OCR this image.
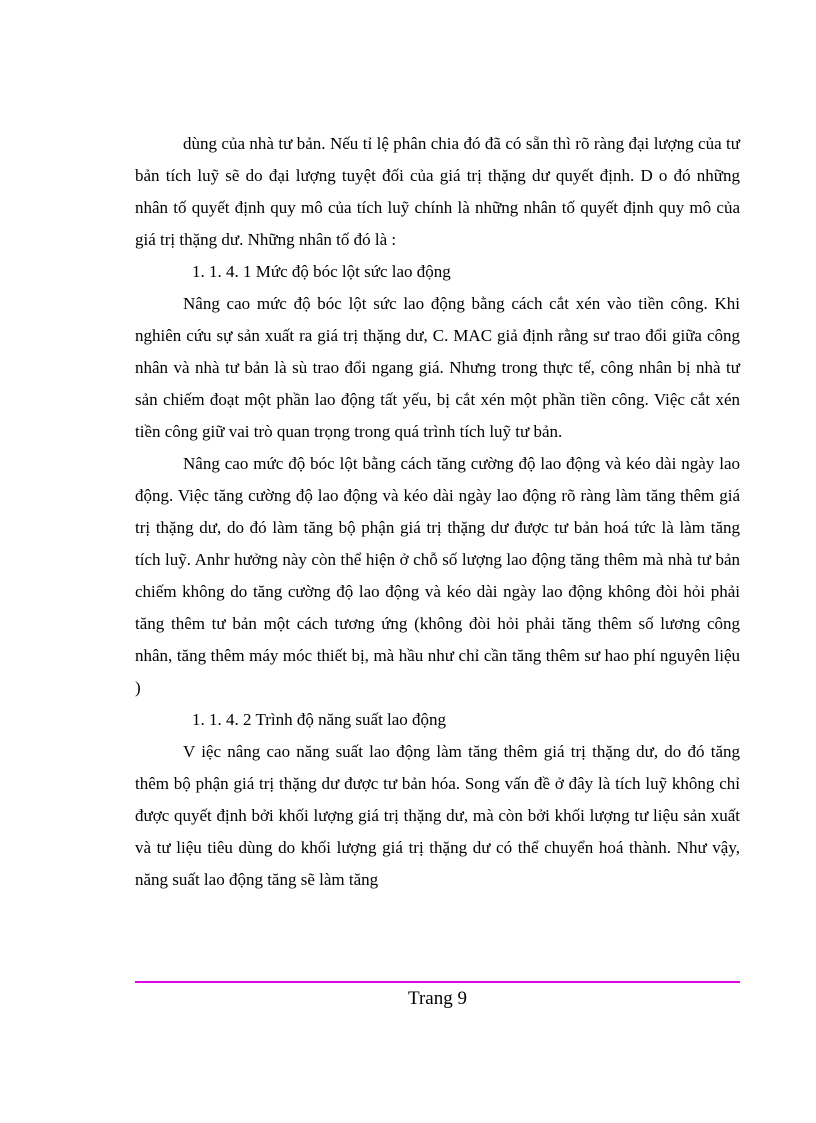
dùng của nhà tư bản. Nếu tỉ lệ phân chia đó đã có sẵn thì rõ ràng đại lượng của tư bản tích luỹ sẽ do đại lượng tuyệt đối của giá trị thặng dư quyết định. D o đó những nhân tố quyết định quy mô của tích luỹ chính là những nhân tố quyết định quy mô của giá trị thặng dư. Những nhân tố đó là :

1. 1. 4. 1 Mức độ bóc lột sức lao động

Nâng cao mức độ bóc lột sức lao động bằng cách cắt xén vào tiền công. Khi nghiên cứu sự sản xuất ra giá trị thặng dư, C. MAC giả định rằng sư trao đổi giữa công nhân và nhà tư bản là sù trao đổi ngang giá. Nhưng trong thực tế, công nhân bị nhà tư sản chiếm đoạt một phần lao động tất yếu, bị cắt xén một phần tiền công. Việc cắt xén tiền công giữ vai trò quan trọng trong quá trình tích luỹ tư bản.

Nâng cao mức độ bóc lột bằng cách tăng cường độ lao động và kéo dài ngày lao động. Việc tăng cường độ lao động và kéo dài ngày lao động rõ ràng làm tăng thêm giá trị thặng dư, do đó làm tăng bộ phận giá trị thặng dư được tư bản hoá tức là làm tăng tích luỹ. Anhr hưởng này còn thể hiện ở chỗ số lượng lao động tăng thêm mà nhà tư bản chiếm không do tăng cường độ lao động và kéo dài ngày lao động không đòi hỏi phải tăng thêm tư bản một cách tương ứng (không đòi hỏi phải tăng thêm số lương công nhân, tăng thêm máy móc thiết bị, mà hầu như chỉ cần tăng thêm sư hao phí nguyên liệu )

1. 1. 4. 2 Trình độ năng suất lao động

V iệc nâng cao năng suất lao động làm tăng thêm giá trị thặng dư, do đó tăng thêm bộ phận giá trị thặng dư được tư bản hóa. Song vấn đề ở đây là tích luỹ không chỉ được quyết định bởi khối lượng giá trị thặng dư, mà còn bởi khối lượng tư liệu sản xuất và tư liệu tiêu dùng do khối lượng giá trị thặng dư có thể chuyển hoá thành. Như vậy, năng suất lao động tăng sẽ làm tăng

Trang 9
